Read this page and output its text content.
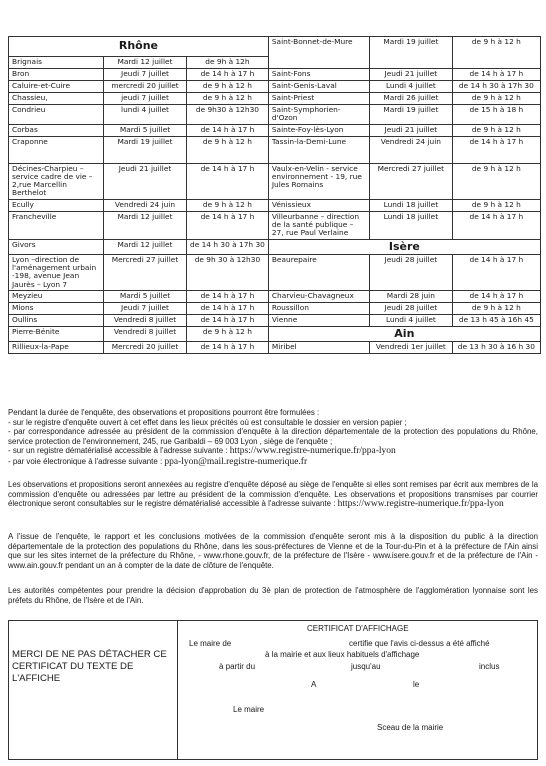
Rhône			Saint-Bonnet-de-Mure	Mardi 19 juillet	de 9 h à 12 h
Brignais	Mardi 12 juillet	de 9h à 12h			
Bron	Jeudi 7 juillet	de 14 h à 17 h	Saint-Fons	Jeudi 21 juillet	de 14 h à 17 h
Caluire-et-Cuire	mercredi 20 juillet	de 9 h à 12 h	Saint-Genis-Laval	Lundi 4 juillet	de 14 h 30 à 17h 30
Chassieu,	jeudi 7 juillet	de 9 h à 12 h	Saint-Priest	Mardi 26 juillet	de 9 h à 12 h
Condrieu	lundi 4 juillet	de 9h30 à 12h30	Saint-Symphorien-d'Ozon	Mardi 19 juillet	de 15 h à 18 h
Corbas	Mardi 5 juillet	de 14 h à 17 h	Sainte-Foy-lès-Lyon	Jeudi 21 juillet	de 9 h à 12 h
Craponne	Mardi 19 juillet	de 9 h à 12 h	Tassin-la-Demi-Lune	Vendredi 24 juin	de 14 h à 17 h
Décines-Charpieu – service cadre de vie – 2,rue Marcellin Berthelot	Jeudi 21 juillet	de 14 h à 17 h	Vaulx-en-Velin - service environnement - 19, rue Jules Romains	Mercredi 27 juillet	de 9 h à 12 h
Ecully	Vendredi 24 juin	de 9 h à 12 h	Vénissieux	Lundi 18 juillet	de 9 h à 12 h
Francheville	Mardi 12 juillet	de 14 h à 17 h	Villeurbanne – direction de la santé publique – 27, rue Paul Verlaine	Lundi 18 juillet	de 14 h à 17 h
Givors	Mardi 12 juillet	de 14 h 30 à 17h 30	Isère		
Lyon –direction de l'aménagement urbain -198, avenue Jean Jaurès – Lyon 7	Mercredi 27 juillet	de 9h 30 à 12h30	Beaurepaire	Jeudi 28 juillet	de 14 h à 17 h
Meyzieu	Mardi 5 juillet	de 14 h à 17 h	Charvieu-Chavagneux	Mardi 28 juin	de 14 h à 17 h
Mions	Jeudi 7 juillet	de 14 h à 17 h	Roussillon	Jeudi 28 juillet	de 9 h à 12 h
Oullins	Vendredi 8 juillet	de 14 h à 17 h	Vienne	Lundi 4 juillet	de 13 h 45 à 16h 45
Pierre-Bénite	Vendredi 8 juillet	de 9 h à 12 h	Ain		
Rillieux-la-Pape	Mercredi 20 juillet	de 14 h à 17 h	Miribel	Vendredi 1er juillet	de 13 h 30 à 16 h 30

Pendant la durée de l'enquête, des observations et propositions pourront être formulées :
- sur le registre d'enquête ouvert à cet effet dans les lieux précités où est consultable le dossier en version papier ;
- par correspondance adressée au président de la commission d'enquête à la direction départementale de la protection des populations du Rhône, service protection de l'environnement, 245, rue Garibaldi – 69 003 Lyon , siège de l'enquête ;
- sur un registre dématérialisé accessible à l'adresse suivante : https://www.registre-numerique.fr/ppa-lyon
- par voie électronique à l'adresse suivante : ppa-lyon@mail.registre-numerique.fr

Les observations et propositions seront annexées au registre d'enquête déposé au siège de l'enquête si elles sont remises par écrit aux membres de la commission d'enquête ou adressées par lettre au président de la commission d'enquête. Les observations et propositions transmises par courrier électronique seront consultables sur le registre dématérialisé accessible à l'adresse suivante : https://www.registre-numerique.fr/ppa-lyon

A l'issue de l'enquête, le rapport et les conclusions motivées de la commission d'enquête seront mis à la disposition du public à la direction départementale de la protection des populations du Rhône, dans les sous-préfectures de Vienne et de la Tour-du-Pin et à la préfecture de l'Ain ainsi que sur les sites internet de la préfecture du Rhône, - www.rhone.gouv.fr, de la préfecture de l'Isère - www.isere.gouv.fr et de la préfecture de l'Ain - www.ain.gouv.fr pendant un an à compter de la date de clôture de l'enquête.

Les autorités compétentes pour prendre la décision d'approbation du 3è plan de protection de l'atmosphère de l'agglomération lyonnaise sont les préfets du Rhône, de l'Isère et de l'Ain.

MERCI DE NE PAS DÉTACHER CE CERTIFICAT DU TEXTE DE L'AFFICHE
CERTIFICAT D'AFFICHAGE
Le maire de	certifie que l'avis ci-dessus a été affiché
à la mairie et aux lieux habituels d'affichage
à partir du	jusqu'au	inclus
A	le
Le maire
Sceau de la mairie
